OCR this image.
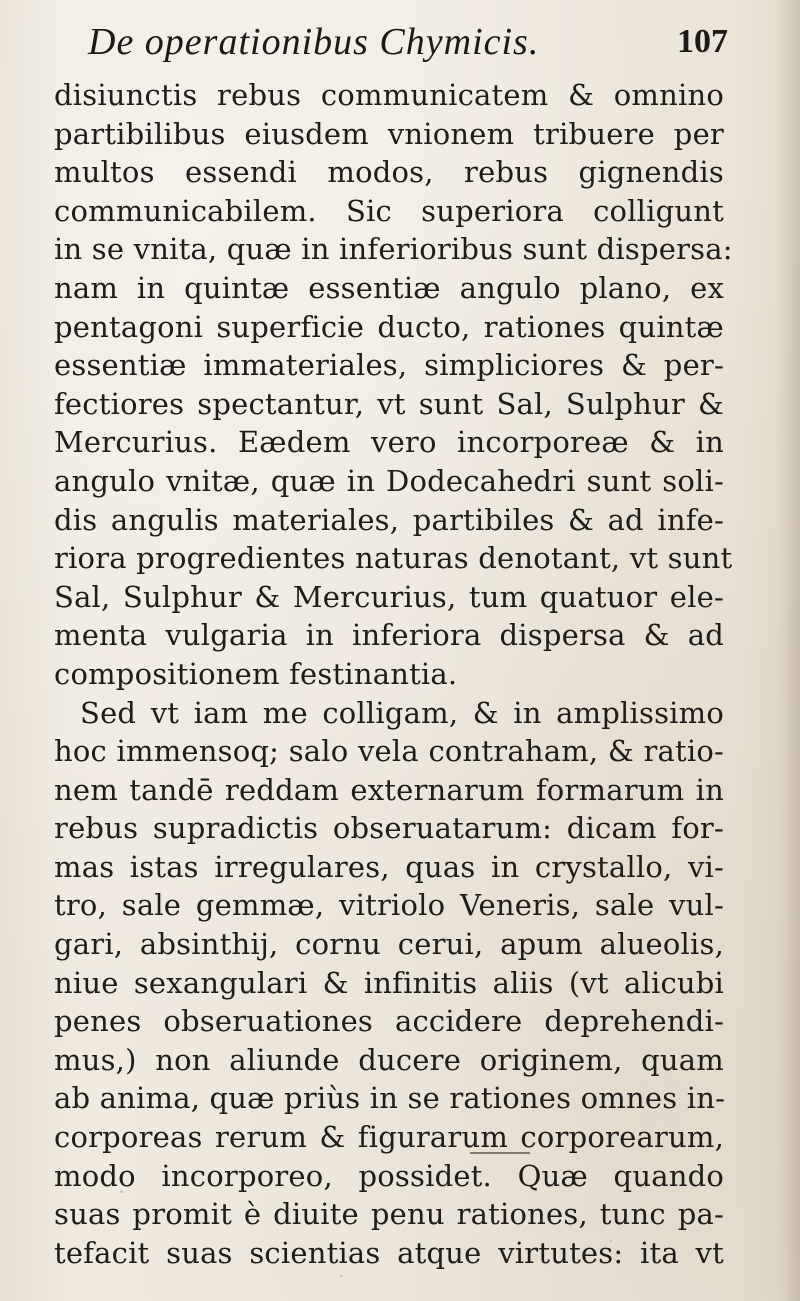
De operationibus Chymicis.	107
disiunctis rebus communicatem & omnino
partibilibus eiusdem vnionem tribuere per
multos essendi modos, rebus gignendis
communicabilem. Sic superiora colligunt
in se vnita, quæ in inferioribus sunt dispersa:
nam in quintæ essentiæ angulo plano, ex
pentagoni superficie ducto, rationes quintæ
essentiæ immateriales, simpliciores & per-
fectiores spectantur, vt sunt Sal, Sulphur &
Mercurius. Eædem vero incorporeæ & in
angulo vnitæ, quæ in Dodecahedri sunt soli-
dis angulis materiales, partibiles & ad infe-
riora progredientes naturas denotant, vt sunt
Sal, Sulphur & Mercurius, tum quatuor ele-
menta vulgaria in inferiora dispersa & ad
compositionem festinantia.
Sed vt iam me colligam, & in amplissimo
hoc immensoq; salo vela contraham, & ratio-
nem tandē reddam externarum formarum in
rebus supradictis obseruatarum: dicam for-
mas istas irregulares, quas in crystallo, vi-
tro, sale gemmæ, vitriolo Veneris, sale vul-
gari, absinthij, cornu cerui, apum alueolis,
niue sexangulari & infinitis aliis (vt alicubi
penes obseruationes accidere deprehendi-
mus,) non aliunde ducere originem, quam
ab anima, quæ priùs in se rationes omnes in-
corporeas rerum & figurarum corporearum,
modo incorporeo, possidet. Quæ quando
suas promit è diuite penu rationes, tunc pa-
tefacit suas scientias atque virtutes: ita vt
